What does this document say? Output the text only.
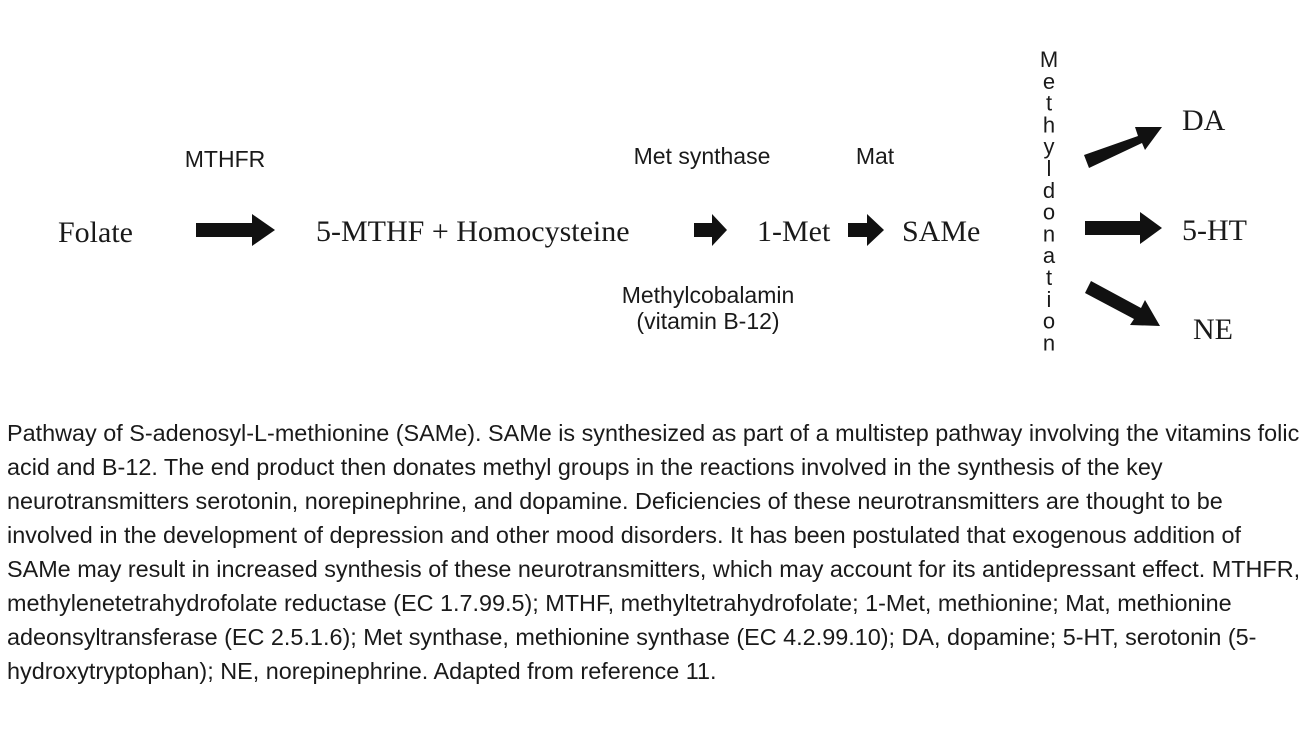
MTHFR	Met synthase	Mat
Folate	5-MTHF + Homocysteine	1-Met SAMe
Methylcobalamin
(vitamin B-12)
M e t h y l d o n a t i o n
DA
5-HT
NE

Pathway of S-adenosyl-L-methionine (SAMe). SAMe is synthesized as part of a multistep pathway involving the vitamins folic acid and B-12. The end product then donates methyl groups in the reactions involved in the synthesis of the key neurotransmitters serotonin, norepinephrine, and dopamine. Deficiencies of these neurotransmitters are thought to be involved in the development of depression and other mood disorders. It has been postulated that exogenous addition of SAMe may result in increased synthesis of these neurotransmitters, which may account for its antidepressant effect. MTHFR, methylenetetrahydrofolate reductase (EC 1.7.99.5); MTHF, methyltetrahydrofolate; 1-Met, methionine; Mat, methionine adeonsyltransferase (EC 2.5.1.6); Met synthase, methionine synthase (EC 4.2.99.10); DA, dopamine; 5-HT, serotonin (5-hydroxytryptophan); NE, norepinephrine. Adapted from reference 11.
